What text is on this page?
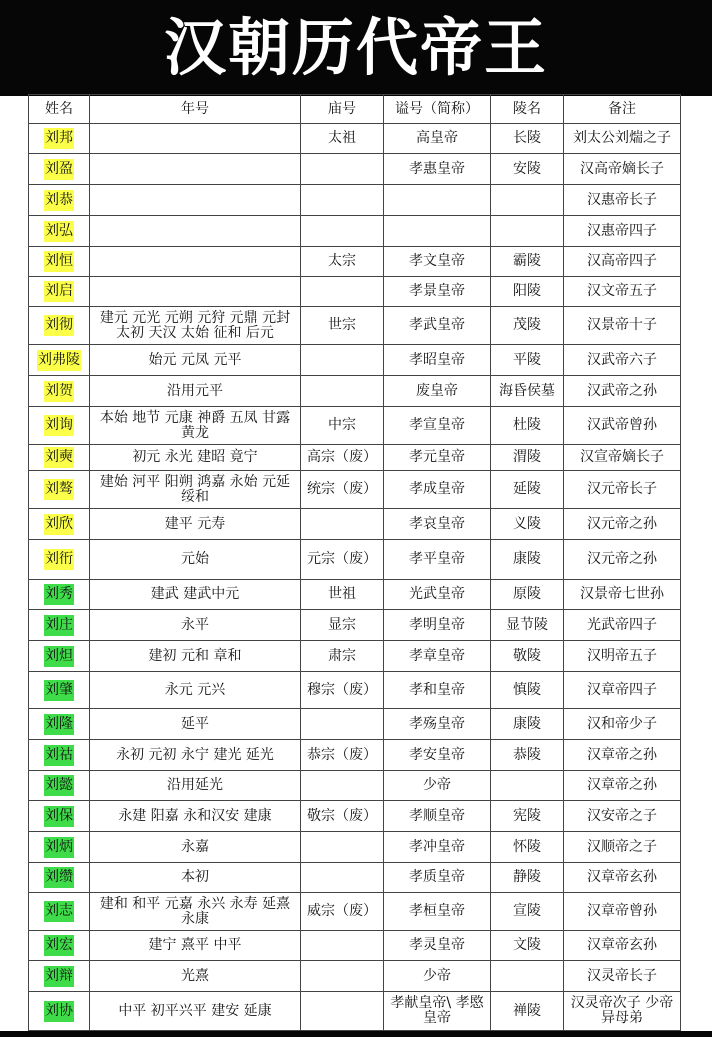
汉朝历代帝王
姓名	年号	庙号	谥号（简称）	陵名	备注
刘邦		太祖	高皇帝	长陵	刘太公刘煓之子
刘盈			孝惠皇帝	安陵	汉高帝嫡长子
刘恭					汉惠帝长子
刘弘					汉惠帝四子
刘恒		太宗	孝文皇帝	霸陵	汉高帝四子
刘启			孝景皇帝	阳陵	汉文帝五子
刘彻	建元 元光 元朔 元狩 元鼎 元封 太初 天汉 太始 征和 后元	世宗	孝武皇帝	茂陵	汉景帝十子
刘弗陵	始元 元凤 元平		孝昭皇帝	平陵	汉武帝六子
刘贺	沿用元平		废皇帝	海昏侯墓	汉武帝之孙
刘询	本始 地节 元康 神爵 五凤 甘露 黄龙	中宗	孝宣皇帝	杜陵	汉武帝曾孙
刘奭	初元 永光 建昭 竟宁	高宗（废）	孝元皇帝	渭陵	汉宣帝嫡长子
刘骜	建始 河平 阳朔 鸿嘉 永始 元延 绥和	统宗（废）	孝成皇帝	延陵	汉元帝长子
刘欣	建平 元寿		孝哀皇帝	义陵	汉元帝之孙
刘衎	元始	元宗（废）	孝平皇帝	康陵	汉元帝之孙
刘秀	建武 建武中元	世祖	光武皇帝	原陵	汉景帝七世孙
刘庄	永平	显宗	孝明皇帝	显节陵	光武帝四子
刘炟	建初 元和 章和	肃宗	孝章皇帝	敬陵	汉明帝五子
刘肇	永元 元兴	穆宗（废）	孝和皇帝	慎陵	汉章帝四子
刘隆	延平		孝殇皇帝	康陵	汉和帝少子
刘祜	永初 元初 永宁 建光 延光	恭宗（废）	孝安皇帝	恭陵	汉章帝之孙
刘懿	沿用延光		少帝		汉章帝之孙
刘保	永建 阳嘉 永和汉安 建康	敬宗（废）	孝顺皇帝	宪陵	汉安帝之子
刘炳	永嘉		孝冲皇帝	怀陵	汉顺帝之子
刘缵	本初		孝质皇帝	静陵	汉章帝玄孙
刘志	建和 和平 元嘉 永兴 永寿 延熹 永康	威宗（废）	孝桓皇帝	宣陵	汉章帝曾孙
刘宏	建宁 熹平 中平		孝灵皇帝	文陵	汉章帝玄孙
刘辩	光熹		少帝		汉灵帝长子
刘协	中平 初平兴平 建安 延康		孝献皇帝\ 孝愍皇帝	禅陵	汉灵帝次子 少帝异母弟
